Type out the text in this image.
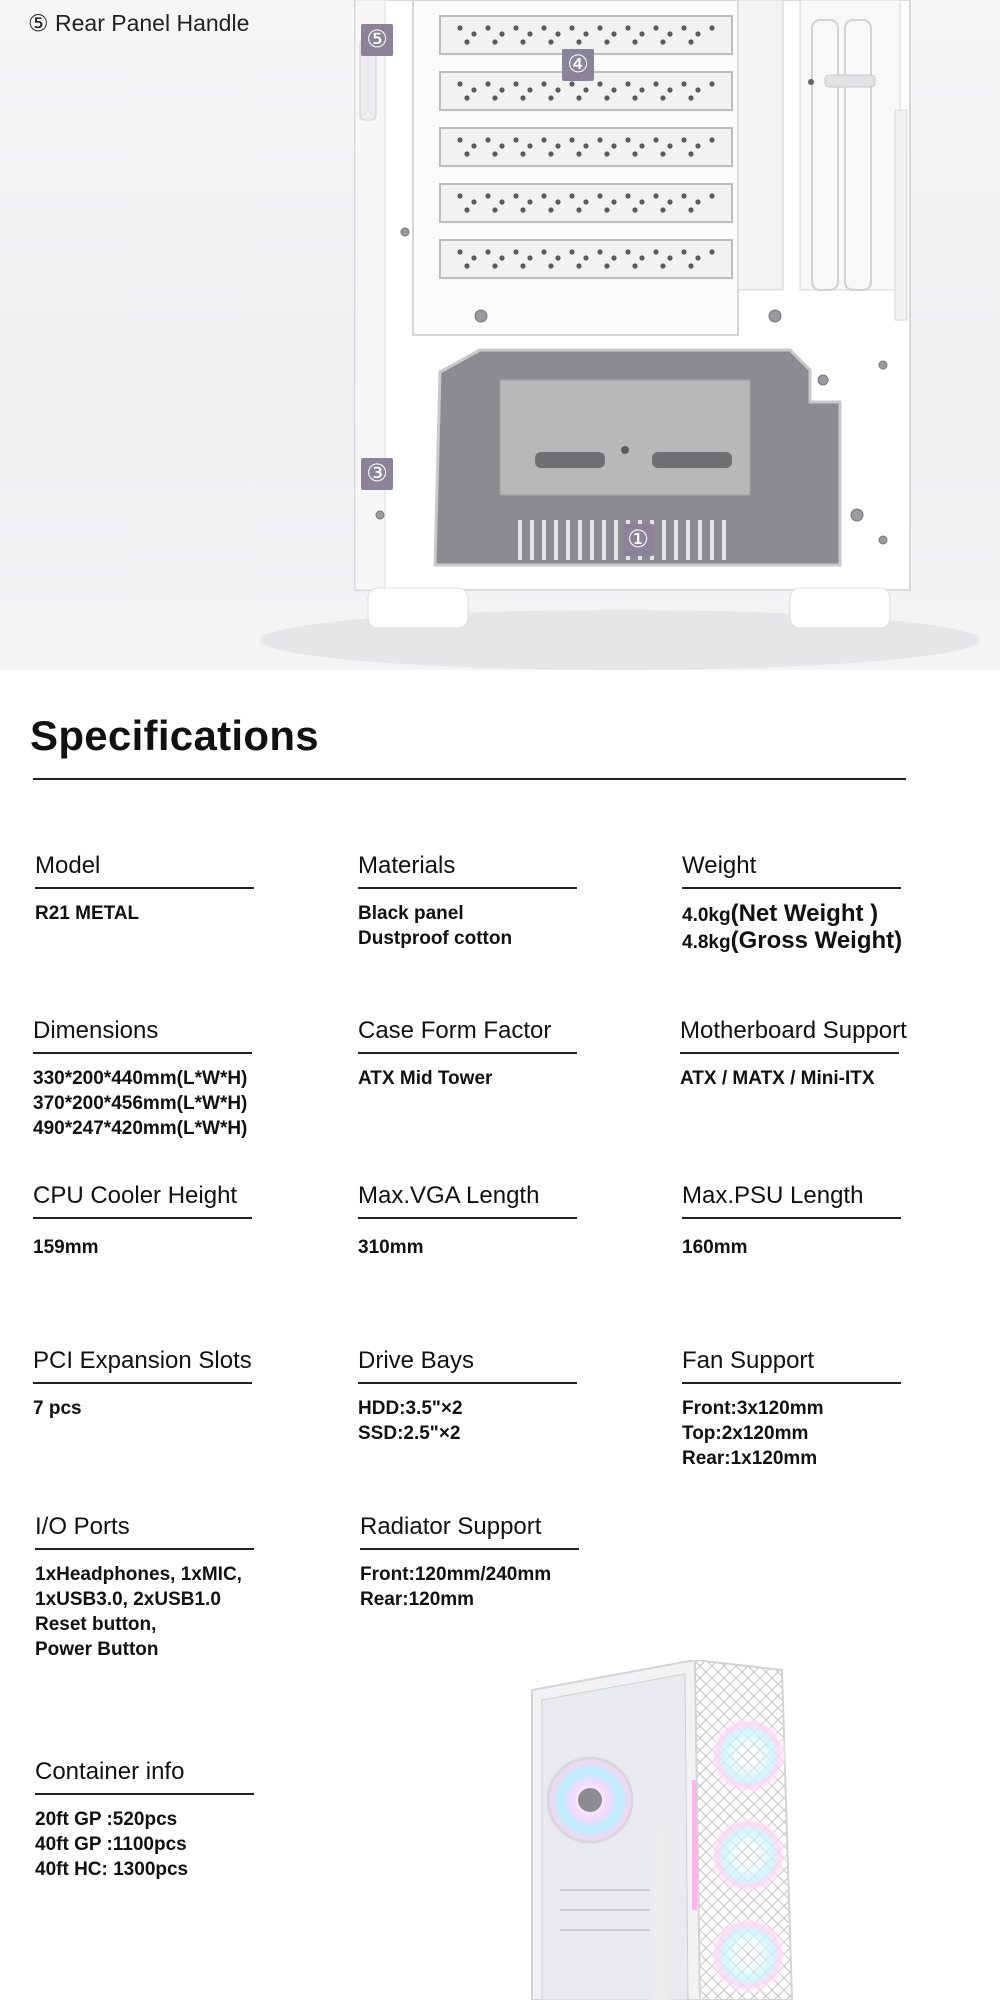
⑤ Rear Panel Handle
⑤
④
③
①
Specifications
Model
R21 METAL
Materials
Black panel
Dustproof cotton
Weight
4.0kg(Net Weight )
4.8kg(Gross Weight)
Dimensions
330*200*440mm(L*W*H)
370*200*456mm(L*W*H)
490*247*420mm(L*W*H)
Case Form Factor
ATX Mid Tower
Motherboard Support
ATX / MATX / Mini-ITX
CPU Cooler Height
159mm
Max.VGA Length
310mm
Max.PSU Length
160mm
PCI Expansion Slots
7 pcs
Drive Bays
HDD:3.5"×2
SSD:2.5"×2
Fan Support
Front:3x120mm
Top:2x120mm
Rear:1x120mm
I/O Ports
1xHeadphones, 1xMIC,
1xUSB3.0, 2xUSB1.0
Reset button,
Power Button
Radiator Support
Front:120mm/240mm
Rear:120mm
Container info
20ft GP :520pcs
40ft GP :1100pcs
40ft HC: 1300pcs
